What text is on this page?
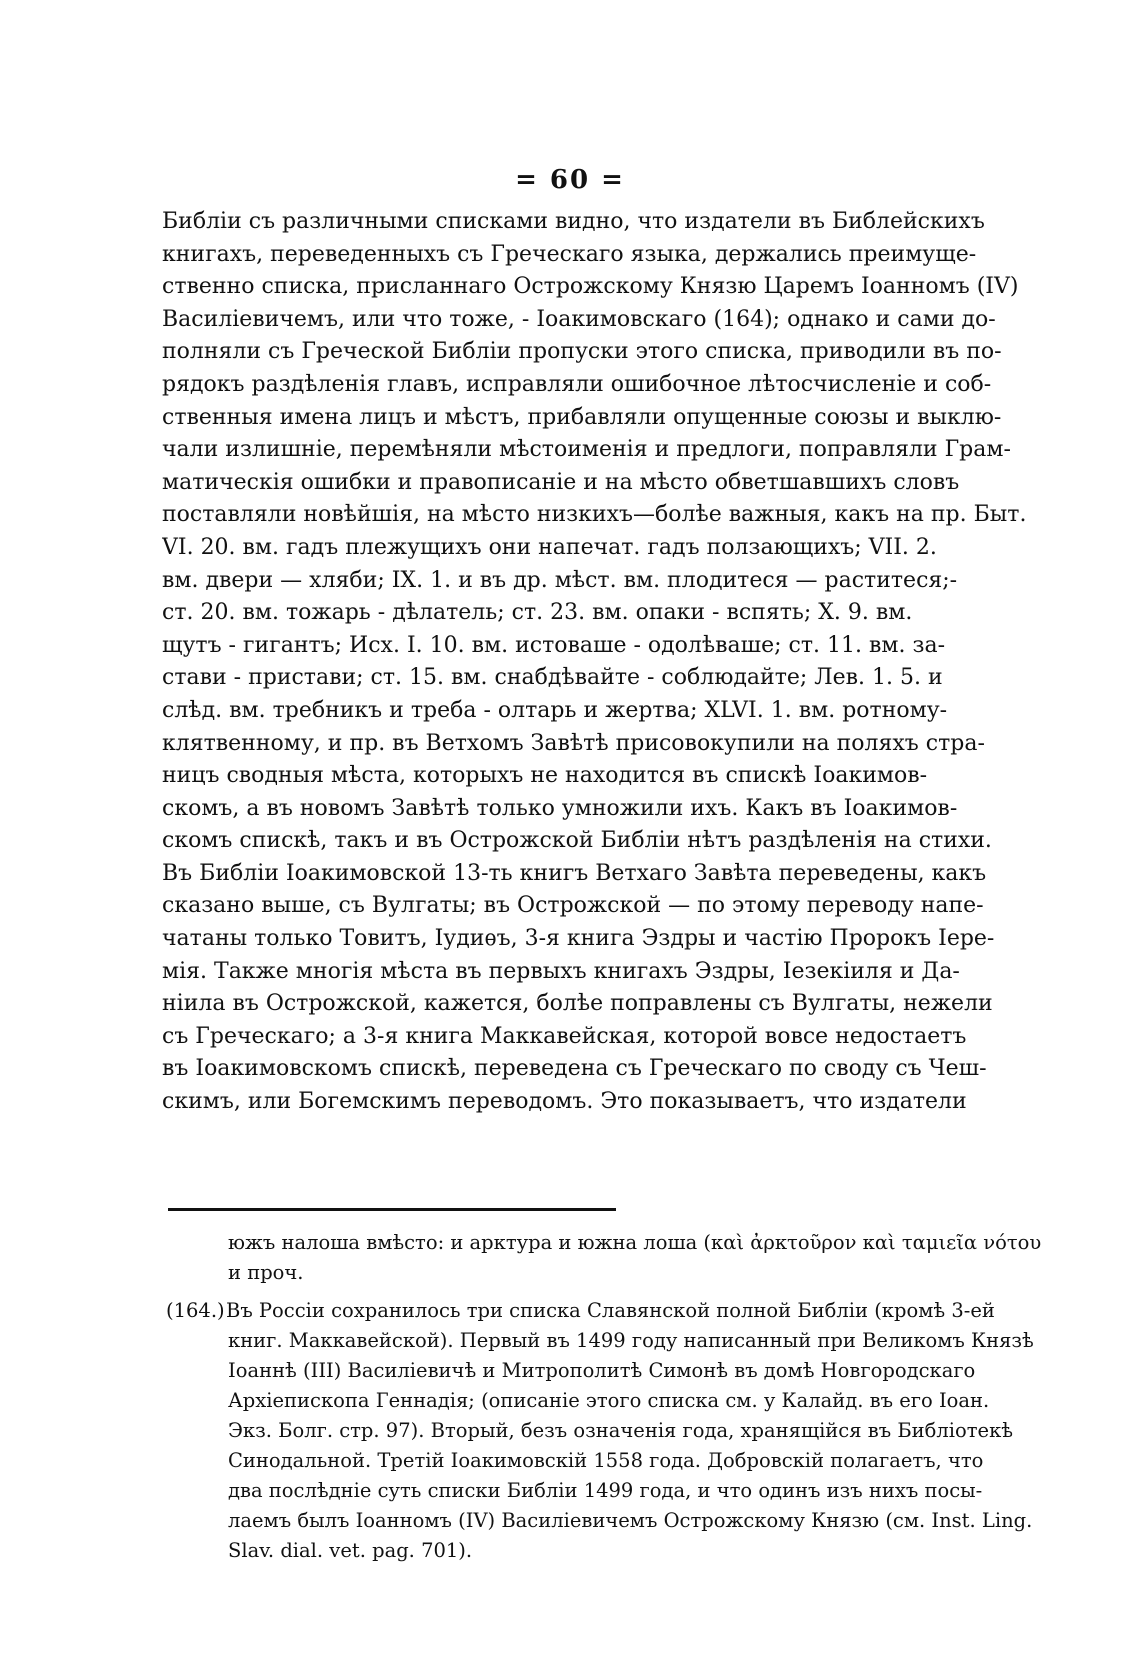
= 60 =
Библіи съ различными списками видно, что издатели въ Библейскихъ
книгахъ, переведенныхъ съ Греческаго языка, держались преимуще-
ственно списка, присланнаго Острожскому Князю Царемъ Іоанномъ (IV)
Василіевичемъ, или что тоже, - Іоакимовскаго (164); однако и сами до-
полняли съ Греческой Библіи пропуски этого списка, приводили въ по-
рядокъ раздѣленія главъ, исправляли ошибочное лѣтосчисленіе и соб-
ственныя имена лицъ и мѣстъ, прибавляли опущенные союзы и выклю-
чали излишніе, перемѣняли мѣстоименія и предлоги, поправляли Грам-
матическія ошибки и правописаніе и на мѣсто обветшавшихъ словъ
поставляли новѣйшія, на мѣсто низкихъ—болѣе важныя, какъ на пр. Быт.
VI. 20. вм. гадъ плежущихъ они напечат. гадъ ползающихъ; VII. 2.
вм. двери — хляби; IX. 1. и въ др. мѣст. вм. плодитеся — раститеся;-
ст. 20. вм. тожарь - дѣлатель; ст. 23. вм. опаки - вспять; X. 9. вм.
щутъ - гигантъ; Исх. I. 10. вм. истоваше - одолѣваше; ст. 11. вм. за-
стави - пристави; ст. 15. вм. снабдѣвайте - соблюдайте; Лев. 1. 5. и
слѣд. вм. требникъ и треба - олтарь и жертва; XLVI. 1. вм. ротному-
клятвенному, и пр. въ Ветхомъ Завѣтѣ присовокупили на поляхъ стра-
ницъ сводныя мѣста, которыхъ не находится въ спискѣ Іоакимов-
скомъ, а въ новомъ Завѣтѣ только умножили ихъ. Какъ въ Іоакимов-
скомъ спискѣ, такъ и въ Острожской Библіи нѣтъ раздѣленія на стихи.
Въ Библіи Іоакимовской 13-ть книгъ Ветхаго Завѣта переведены, какъ
сказано выше, съ Вулгаты; въ Острожской — по этому переводу напе-
чатаны только Товитъ, Іудиѳъ, 3-я книга Эздры и частію Пророкъ Іере-
мія. Также многія мѣста въ первыхъ книгахъ Эздры, Іезекіиля и Да-
ніила въ Острожской, кажется, болѣе поправлены съ Вулгаты, нежели
съ Греческаго; а 3-я книга Маккавейская, которой вовсе недостаетъ
въ Іоакимовскомъ спискѣ, переведена съ Греческаго по своду съ Чеш-
скимъ, или Богемскимъ переводомъ. Это показываетъ, что издатели
южъ налоша вмѣсто: и арктура и южна лоша (καὶ ἀρκτοῦρον καὶ ταμιεῖα νότου
и проч.
(164.)Въ Россіи сохранилось три списка Славянской полной Библіи (кромѣ 3-ей
книг. Маккавейской). Первый въ 1499 году написанный при Великомъ Князѣ
Іоаннѣ (III) Василіевичѣ и Митрополитѣ Симонѣ въ домѣ Новгородскаго
Архіепископа Геннадія; (описаніе этого списка см. у Калайд. въ его Іоан.
Экз. Болг. стр. 97). Вторый, безъ означенія года, хранящійся въ Библіотекѣ
Синодальной. Третій Іоакимовскій 1558 года. Добровскій полагаетъ, что
два послѣдніе суть списки Библіи 1499 года, и что одинъ изъ нихъ посы-
лаемъ былъ Іоанномъ (IV) Василіевичемъ Острожскому Князю (см. Inst. Ling.
Slav. dial. vet. pag. 701).
